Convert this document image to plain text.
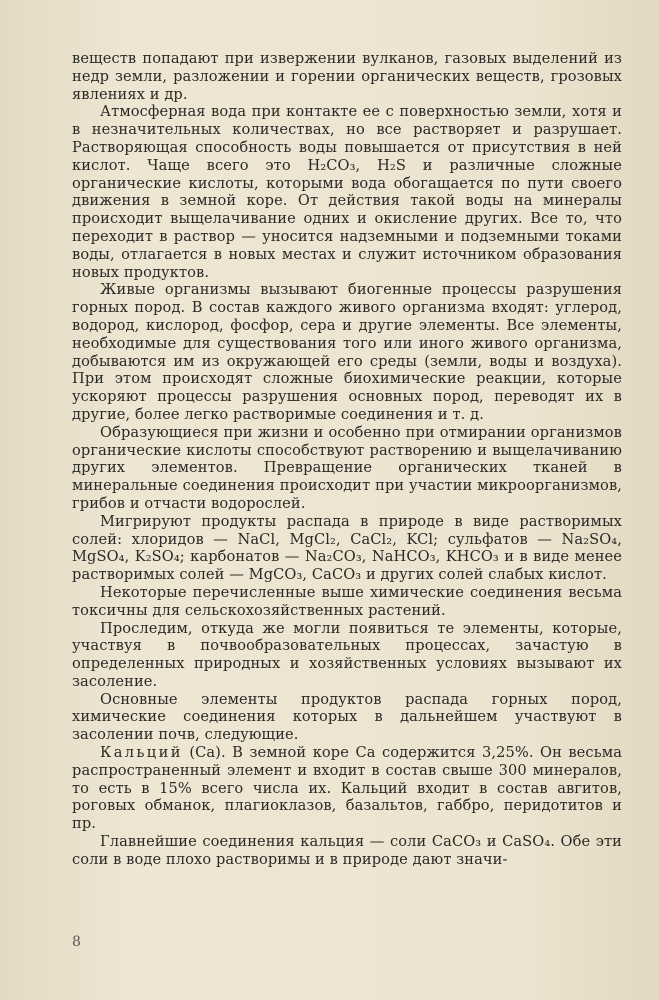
веществ попадают при извержении вулканов, газовых выделений из недр земли, разложении и горении органических веществ, грозовых явлениях и др.

Атмосферная вода при контакте ее с поверхностью земли, хотя и в незначительных количествах, но все растворяет и разрушает. Растворяющая способность воды повышается от присутствия в ней кислот. Чаще всего это H₂CO₃, H₂S и различные сложные органические кислоты, которыми вода обогащается по пути своего движения в земной коре. От действия такой воды на минералы происходит выщелачивание одних и окисление других. Все то, что переходит в раствор — уносится надземными и подземными токами воды, отлагается в новых местах и служит источником образования новых продуктов.

Живые организмы вызывают биогенные процессы разрушения горных пород. В состав каждого живого организма входят: углерод, водород, кислород, фосфор, сера и другие элементы. Все элементы, необходимые для существования того или иного живого организма, добываются им из окружающей его среды (земли, воды и воздуха). При этом происходят сложные биохимические реакции, которые ускоряют процессы разрушения основных пород, переводят их в другие, более легко растворимые соединения и т. д.

Образующиеся при жизни и особенно при отмирании организмов органические кислоты способствуют растворению и выщелачиванию других элементов. Превращение органических тканей в минеральные соединения происходит при участии микроорганизмов, грибов и отчасти водорослей.

Мигрируют продукты распада в природе в виде растворимых солей: хлоридов — NaCl, MgCl₂, CaCl₂, KCl; сульфатов — Na₂SO₄, MgSO₄, K₂SO₄; карбонатов — Na₂CO₃, NaHCO₃, KHCO₃ и в виде менее растворимых солей — MgCO₃, CaCO₃ и других солей слабых кислот.

Некоторые перечисленные выше химические соединения весьма токсичны для сельскохозяйственных растений.

Проследим, откуда же могли появиться те элементы, которые, участвуя в почвообразовательных процессах, зачастую в определенных природных и хозяйственных условиях вызывают их засоление.

Основные элементы продуктов распада горных пород, химические соединения которых в дальнейшем участвуют в засолении почв, следующие.

Кальций (Ca). В земной коре Ca содержится 3,25%. Он весьма распространенный элемент и входит в состав свыше 300 минералов, то есть в 15% всего числа их. Кальций входит в состав авгитов, роговых обманок, плагиоклазов, базальтов, габбро, перидотитов и пр.

Главнейшие соединения кальция — соли CaCO₃ и CaSO₄. Обе эти соли в воде плохо растворимы и в природе дают значи-

8
